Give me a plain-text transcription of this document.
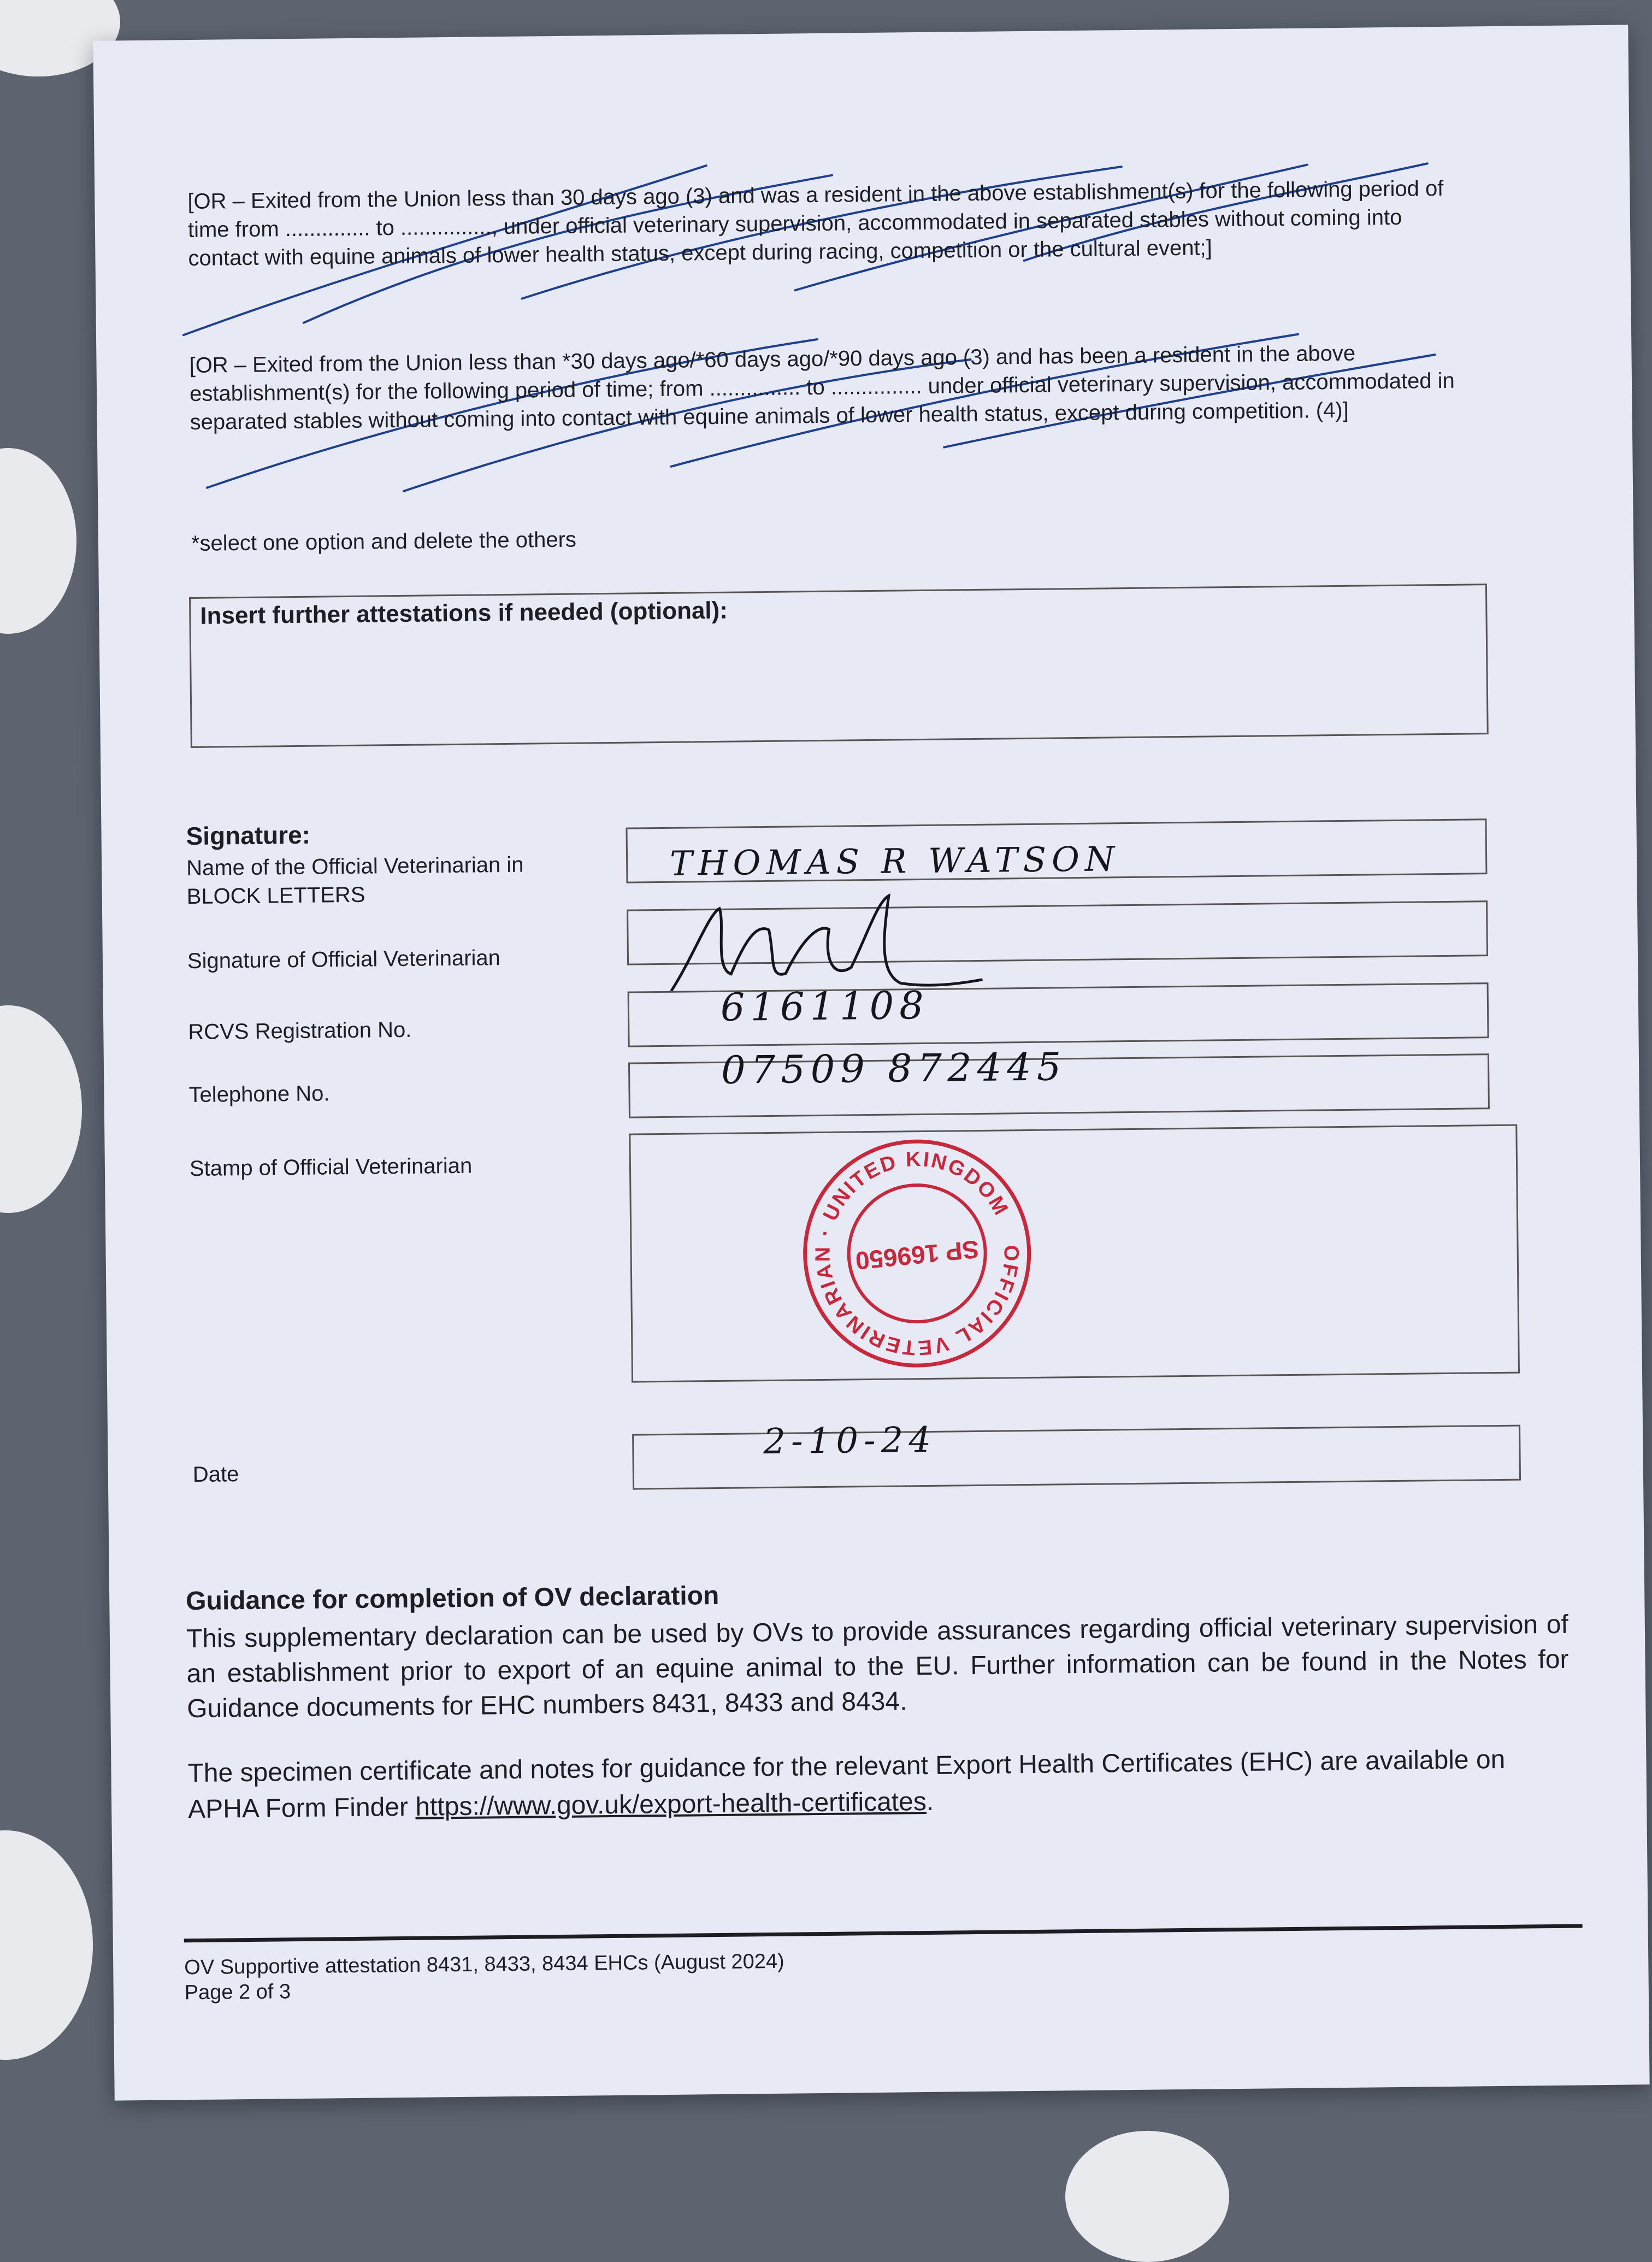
[OR – Exited from the Union less than 30 days ago (3) and was a resident in the above establishment(s) for the following period of time from .............. to ..............., under official veterinary supervision, accommodated in separated stables without coming into contact with equine animals of lower health status, except during racing, competition or the cultural event;]
[OR – Exited from the Union less than *30 days ago/*60 days ago/*90 days ago (3) and has been a resident in the above establishment(s) for the following period of time; from ............... to ............... under official veterinary supervision, accommodated in separated stables without coming into contact with equine animals of lower health status, except during competition. (4)]
*select one option and delete the others
Insert further attestations if needed (optional):
Signature:
Name of the Official Veterinarian in BLOCK LETTERS
THOMAS R WATSON
Signature of Official Veterinarian
RCVS Registration No.
6161108
Telephone No.
07509 872445
Stamp of Official Veterinarian
OFFICIAL VETERINARIAN · UNITED KINGDOM
SP 169650
Date
2-10-24
Guidance for completion of OV declaration
This supplementary declaration can be used by OVs to provide assurances regarding official veterinary supervision of an establishment prior to export of an equine animal to the EU. Further information can be found in the Notes for Guidance documents for EHC numbers 8431, 8433 and 8434.
The specimen certificate and notes for guidance for the relevant Export Health Certificates (EHC) are available on APHA Form Finder https://www.gov.uk/export-health-certificates.
OV Supportive attestation 8431, 8433, 8434 EHCs (August 2024)
Page 2 of 3
